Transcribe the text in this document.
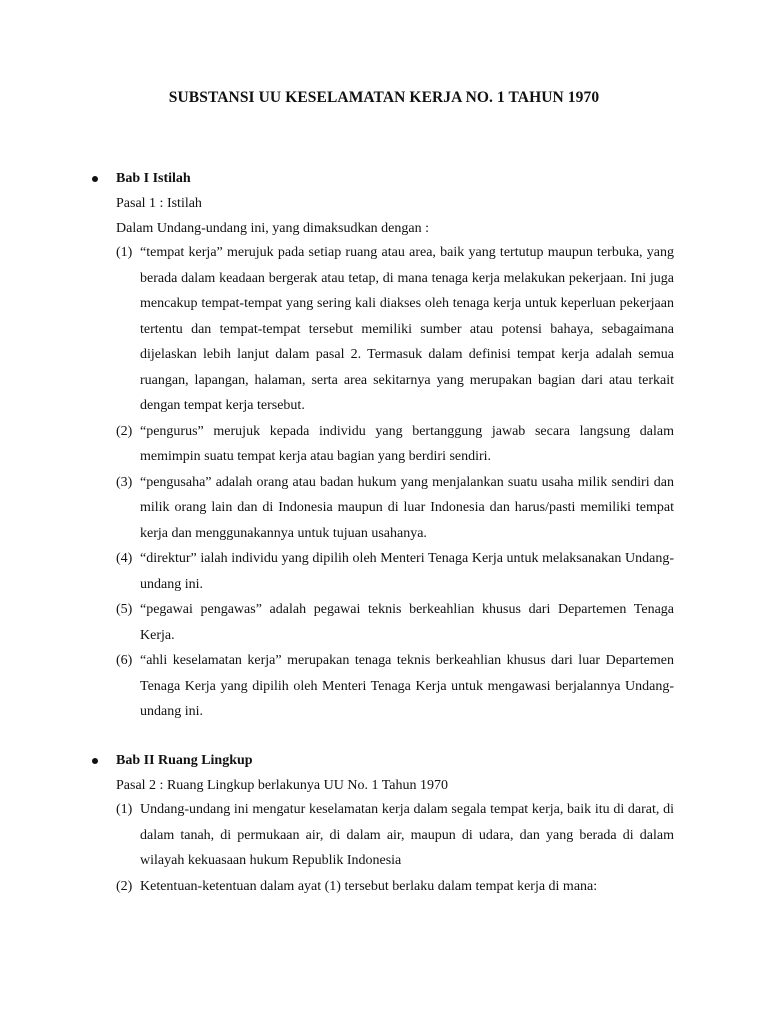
SUBSTANSI UU KESELAMATAN KERJA NO. 1 TAHUN 1970
Bab I Istilah
Pasal 1 : Istilah
Dalam Undang-undang ini, yang dimaksudkan dengan :
(1) “tempat kerja” merujuk pada setiap ruang atau area, baik yang tertutup maupun terbuka, yang berada dalam keadaan bergerak atau tetap, di mana tenaga kerja melakukan pekerjaan. Ini juga mencakup tempat-tempat yang sering kali diakses oleh tenaga kerja untuk keperluan pekerjaan tertentu dan tempat-tempat tersebut memiliki sumber atau potensi bahaya, sebagaimana dijelaskan lebih lanjut dalam pasal 2. Termasuk dalam definisi tempat kerja adalah semua ruangan, lapangan, halaman, serta area sekitarnya yang merupakan bagian dari atau terkait dengan tempat kerja tersebut.
(2) “pengurus” merujuk kepada individu yang bertanggung jawab secara langsung dalam memimpin suatu tempat kerja atau bagian yang berdiri sendiri.
(3) “pengusaha” adalah orang atau badan hukum yang menjalankan suatu usaha milik sendiri dan milik orang lain dan di Indonesia maupun di luar Indonesia dan harus/pasti memiliki tempat kerja dan menggunakannya untuk tujuan usahanya.
(4) “direktur” ialah individu yang dipilih oleh Menteri Tenaga Kerja untuk melaksanakan Undang-undang ini.
(5) “pegawai pengawas” adalah pegawai teknis berkeahlian khusus dari Departemen Tenaga Kerja.
(6) “ahli keselamatan kerja” merupakan tenaga teknis berkeahlian khusus dari luar Departemen Tenaga Kerja yang dipilih oleh Menteri Tenaga Kerja untuk mengawasi berjalannya Undang-undang ini.
Bab II Ruang Lingkup
Pasal 2 : Ruang Lingkup berlakunya UU No. 1 Tahun 1970
(1) Undang-undang ini mengatur keselamatan kerja dalam segala tempat kerja, baik itu di darat, di dalam tanah, di permukaan air, di dalam air, maupun di udara, dan yang berada di dalam wilayah kekuasaan hukum Republik Indonesia
(2) Ketentuan-ketentuan dalam ayat (1) tersebut berlaku dalam tempat kerja di mana:
